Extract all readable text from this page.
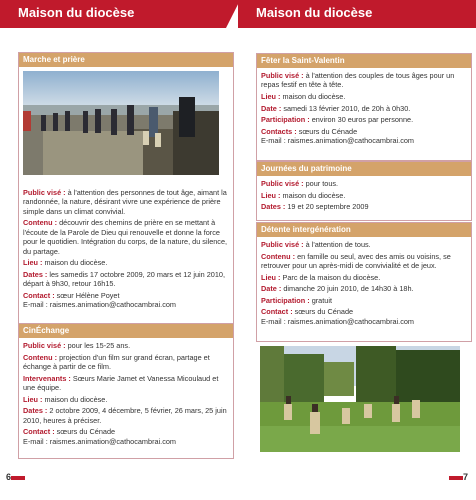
Maison du diocèse
Marche et prière

Public visé : à l'attention des personnes de tout âge, aimant la randonnée, la nature, désirant vivre une expérience de prière simple dans un climat convivial.

Contenu : découvrir des chemins de prière en se mettant à l'écoute de la Parole de Dieu qui renouvelle et donne la force pour le quotidien. Intégration du corps, de la nature, du silence, du partage.

Lieu : maison du diocèse.

Dates : les samedis 17 octobre 2009, 20 mars et 12 juin 2010, départ à 9h30, retour 16h15.

Contact : sœur Hélène Poyet

E-mail : raismes.animation@cathocambrai.com

CinÉchange

Public visé : pour les 15-25 ans.

Contenu : projection d'un film sur grand écran, partage et échange à partir de ce film.

Intervenants : Sœurs Marie Jamet et Vanessa Micoulaud et une équipe.

Lieu : maison du diocèse.

Dates : 2 octobre 2009, 4 décembre, 5 février, 26 mars, 25 juin 2010, heures à préciser.

Contact : sœurs du Cénade

E-mail : raismes.animation@cathocambrai.com

6
Maison du diocèse
Fêter la Saint-Valentin

Public visé : à l'attention des couples de tous âges pour un repas festif en tête à tête.

Lieu : maison du diocèse.

Date : samedi 13 février 2010, de 20h à 0h30.

Participation : environ 30 euros par personne.

Contacts : sœurs du Cénade

E-mail : raismes.animation@cathocambrai.com

Journées du patrimoine

Public visé : pour tous.

Lieu : maison du diocèse.

Dates : 19 et 20 septembre 2009

Détente intergénération

Public visé : à l'attention de tous.

Contenu : en famille ou seul, avec des amis ou voisins, se retrouver pour un après-midi de convivialité et de jeux.

Lieu : Parc de la maison du diocèse.

Date : dimanche 20 juin 2010, de 14h30 à 18h.

Participation : gratuit

Contact : sœurs du Cénade

E-mail : raismes.animation@cathocambrai.com

7
